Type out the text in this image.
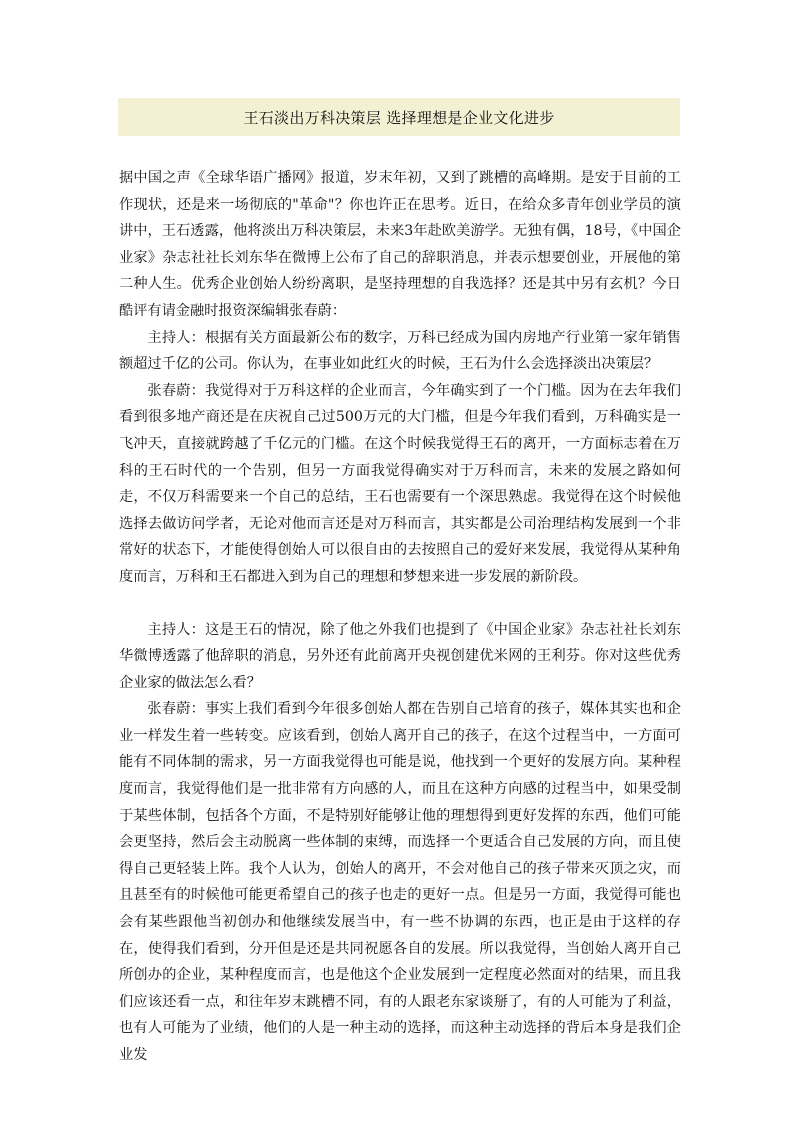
王石淡出万科决策层 选择理想是企业文化进步

据中国之声《全球华语广播网》报道，岁末年初，又到了跳槽的高峰期。是安于目前的工作现状，还是来一场彻底的"革命"？你也许正在思考。近日，在给众多青年创业学员的演讲中，王石透露，他将淡出万科决策层，未来3年赴欧美游学。无独有偶，18号，《中国企业家》杂志社社长刘东华在微博上公布了自己的辞职消息，并表示想要创业，开展他的第二种人生。优秀企业创始人纷纷离职，是坚持理想的自我选择？还是其中另有玄机？今日酷评有请金融时报资深编辑张春蔚：

主持人：根据有关方面最新公布的数字，万科已经成为国内房地产行业第一家年销售额超过千亿的公司。你认为，在事业如此红火的时候，王石为什么会选择淡出决策层？

张春蔚：我觉得对于万科这样的企业而言，今年确实到了一个门槛。因为在去年我们看到很多地产商还是在庆祝自己过500万元的大门槛，但是今年我们看到，万科确实是一飞冲天，直接就跨越了千亿元的门槛。在这个时候我觉得王石的离开，一方面标志着在万科的王石时代的一个告别，但另一方面我觉得确实对于万科而言，未来的发展之路如何走，不仅万科需要来一个自己的总结，王石也需要有一个深思熟虑。我觉得在这个时候他选择去做访问学者，无论对他而言还是对万科而言，其实都是公司治理结构发展到一个非常好的状态下，才能使得创始人可以很自由的去按照自己的爱好来发展，我觉得从某种角度而言，万科和王石都进入到为自己的理想和梦想来进一步发展的新阶段。

主持人：这是王石的情况，除了他之外我们也提到了《中国企业家》杂志社社长刘东华微博透露了他辞职的消息，另外还有此前离开央视创建优米网的王利芬。你对这些优秀企业家的做法怎么看？

张春蔚：事实上我们看到今年很多创始人都在告别自己培育的孩子，媒体其实也和企业一样发生着一些转变。应该看到，创始人离开自己的孩子，在这个过程当中，一方面可能有不同体制的需求，另一方面我觉得也可能是说，他找到一个更好的发展方向。某种程度而言，我觉得他们是一批非常有方向感的人，而且在这种方向感的过程当中，如果受制于某些体制，包括各个方面，不是特别好能够让他的理想得到更好发挥的东西，他们可能会更坚持，然后会主动脱离一些体制的束缚，而选择一个更适合自己发展的方向，而且使得自己更轻装上阵。我个人认为，创始人的离开，不会对他自己的孩子带来灭顶之灾，而且甚至有的时候他可能更希望自己的孩子也走的更好一点。但是另一方面，我觉得可能也会有某些跟他当初创办和他继续发展当中，有一些不协调的东西，也正是由于这样的存在，使得我们看到，分开但是还是共同祝愿各自的发展。所以我觉得，当创始人离开自己所创办的企业，某种程度而言，也是他这个企业发展到一定程度必然面对的结果，而且我们应该还看一点，和往年岁末跳槽不同，有的人跟老东家谈掰了，有的人可能为了利益，也有人可能为了业绩，他们的人是一种主动的选择，而这种主动选择的背后本身是我们企业发
